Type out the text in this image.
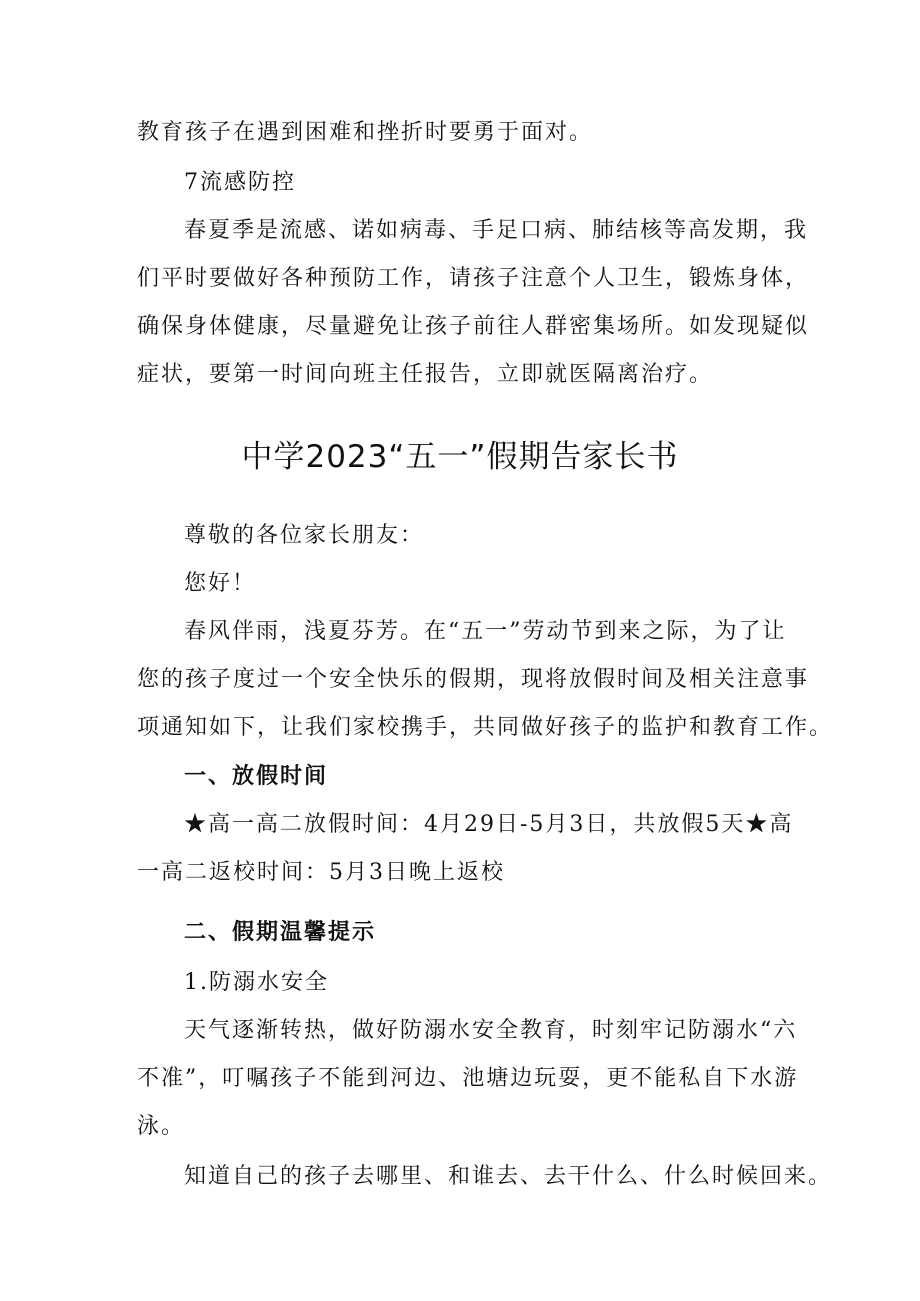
教育孩子在遇到困难和挫折时要勇于面对。
7流感防控
春夏季是流感、诺如病毒、手足口病、肺结核等高发期，我
们平时要做好各种预防工作，请孩子注意个人卫生，锻炼身体，
确保身体健康，尽量避免让孩子前往人群密集场所。如发现疑似
症状，要第一时间向班主任报告，立即就医隔离治疗。
中学2023“五一”假期告家长书
尊敬的各位家长朋友：
您好！
春风伴雨，浅夏芬芳。在“五一”劳动节到来之际，为了让
您的孩子度过一个安全快乐的假期，现将放假时间及相关注意事
项通知如下，让我们家校携手，共同做好孩子的监护和教育工作。
一、放假时间
★高一高二放假时间：4月29日-5月3日，共放假5天★高
一高二返校时间：5月3日晚上返校
二、假期温馨提示
1.防溺水安全
天气逐渐转热，做好防溺水安全教育，时刻牢记防溺水“六
不准”，叮嘱孩子不能到河边、池塘边玩耍，更不能私自下水游
泳。
知道自己的孩子去哪里、和谁去、去干什么、什么时候回来。
